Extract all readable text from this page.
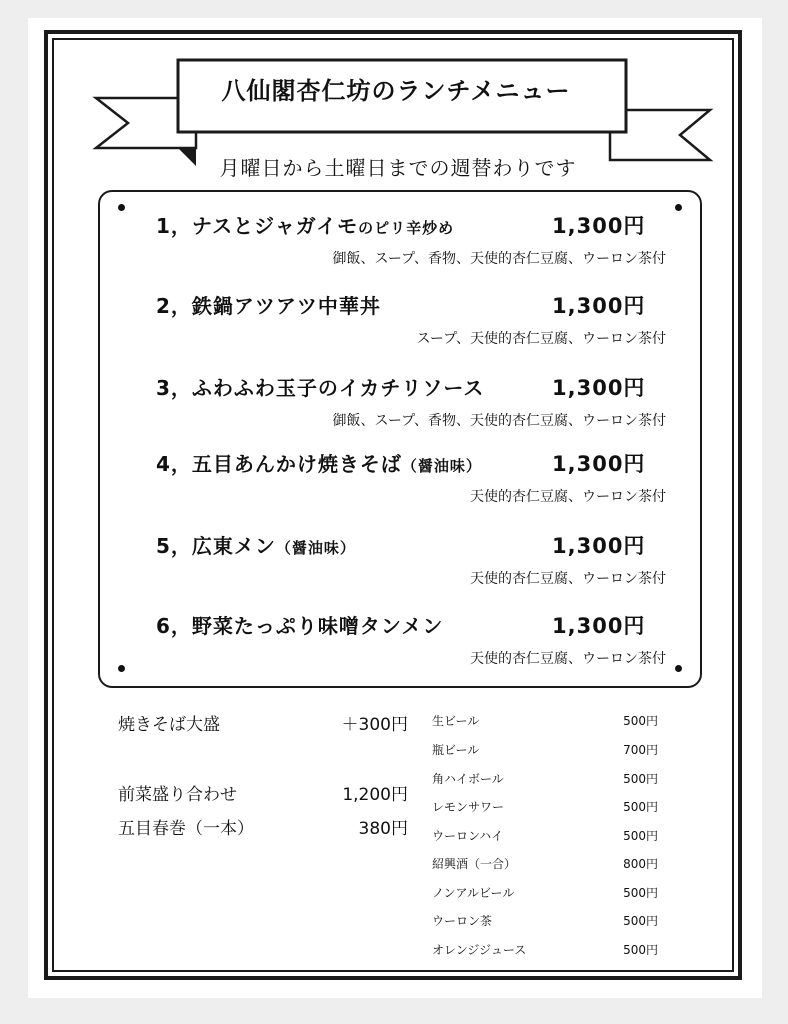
八仙閣杏仁坊のランチメニュー
月曜日から土曜日までの週替わりです
1，ナスとジャガイモのピリ辛炒め	1,300円
御飯、スープ、香物、天使的杏仁豆腐、ウーロン茶付
2，鉄鍋アツアツ中華丼	1,300円
スープ、天使的杏仁豆腐、ウーロン茶付
3，ふわふわ玉子のイカチリソース	1,300円
御飯、スープ、香物、天使的杏仁豆腐、ウーロン茶付
4，五目あんかけ焼きそば（醤油味）	1,300円
天使的杏仁豆腐、ウーロン茶付
5，広東メン（醤油味）	1,300円
天使的杏仁豆腐、ウーロン茶付
6，野菜たっぷり味噌タンメン	1,300円
天使的杏仁豆腐、ウーロン茶付
焼きそば大盛	＋300円
前菜盛り合わせ	1,200円
五目春巻（一本）	380円
生ビール	500円
瓶ビール	700円
角ハイボール	500円
レモンサワー	500円
ウーロンハイ	500円
紹興酒（一合）	800円
ノンアルビール	500円
ウーロン茶	500円
オレンジジュース	500円
